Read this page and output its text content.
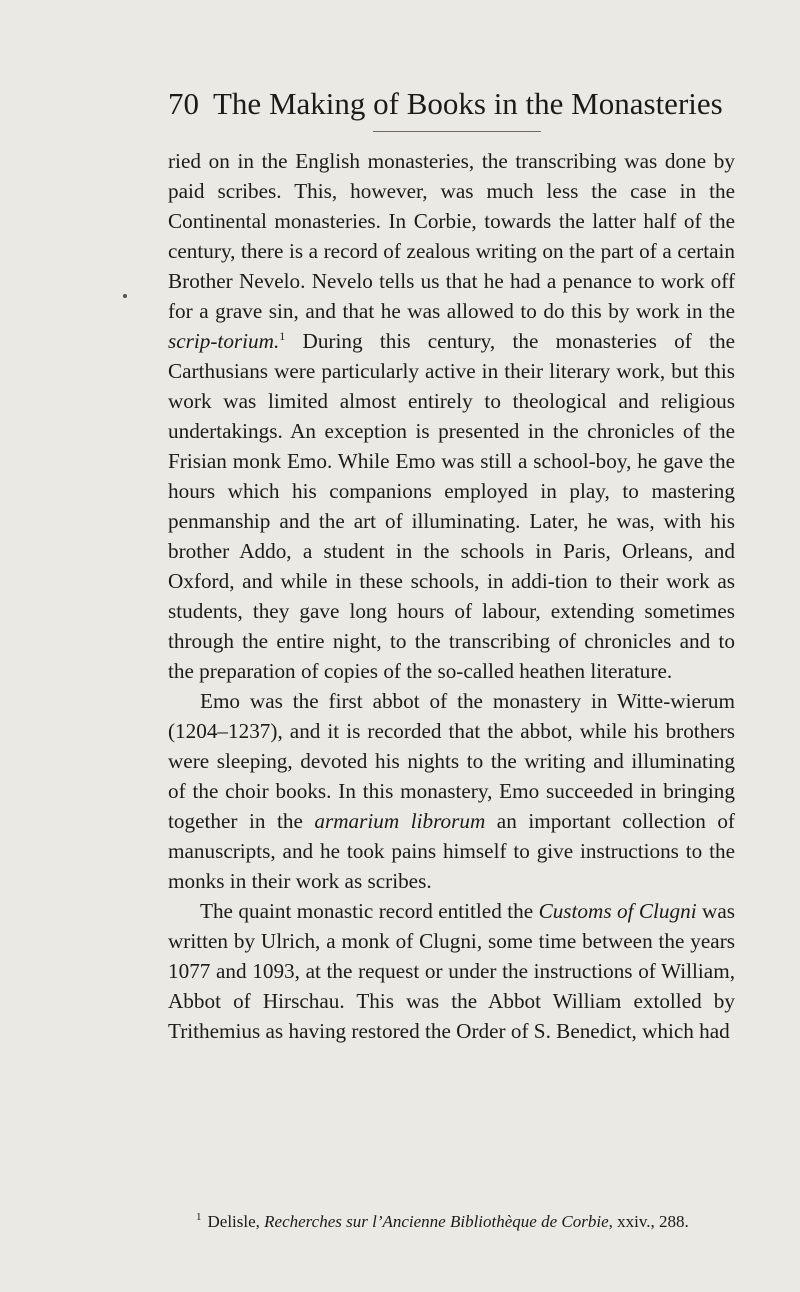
70 The Making of Books in the Monasteries

ried on in the English monasteries, the transcribing was done by paid scribes. This, however, was much less the case in the Continental monasteries. In Corbie, towards the latter half of the century, there is a record of zealous writing on the part of a certain Brother Nevelo. Nevelo tells us that he had a penance to work off for a grave sin, and that he was allowed to do this by work in the scrip-torium.$^1$ During this century, the monasteries of the Carthusians were particularly active in their literary work, but this work was limited almost entirely to theological and religious undertakings. An exception is presented in the chronicles of the Frisian monk Emo. While Emo was still a school-boy, he gave the hours which his companions employed in play, to mastering penmanship and the art of illuminating. Later, he was, with his brother Addo, a student in the schools in Paris, Orleans, and Oxford, and while in these schools, in addi-tion to their work as students, they gave long hours of labour, extending sometimes through the entire night, to the transcribing of chronicles and to the preparation of copies of the so-called heathen literature.

Emo was the first abbot of the monastery in Witte-wierum (1204–1237), and it is recorded that the abbot, while his brothers were sleeping, devoted his nights to the writing and illuminating of the choir books. In this monastery, Emo succeeded in bringing together in the armarium librorum an important collection of manuscripts, and he took pains himself to give instructions to the monks in their work as scribes.

The quaint monastic record entitled the Customs of Clugni was written by Ulrich, a monk of Clugni, some time between the years 1077 and 1093, at the request or under the instructions of William, Abbot of Hirschau. This was the Abbot William extolled by Trithemius as having restored the Order of S. Benedict, which had

$^1$ Delisle, Recherches sur l’Ancienne Bibliothèque de Corbie, xxiv., 288.
